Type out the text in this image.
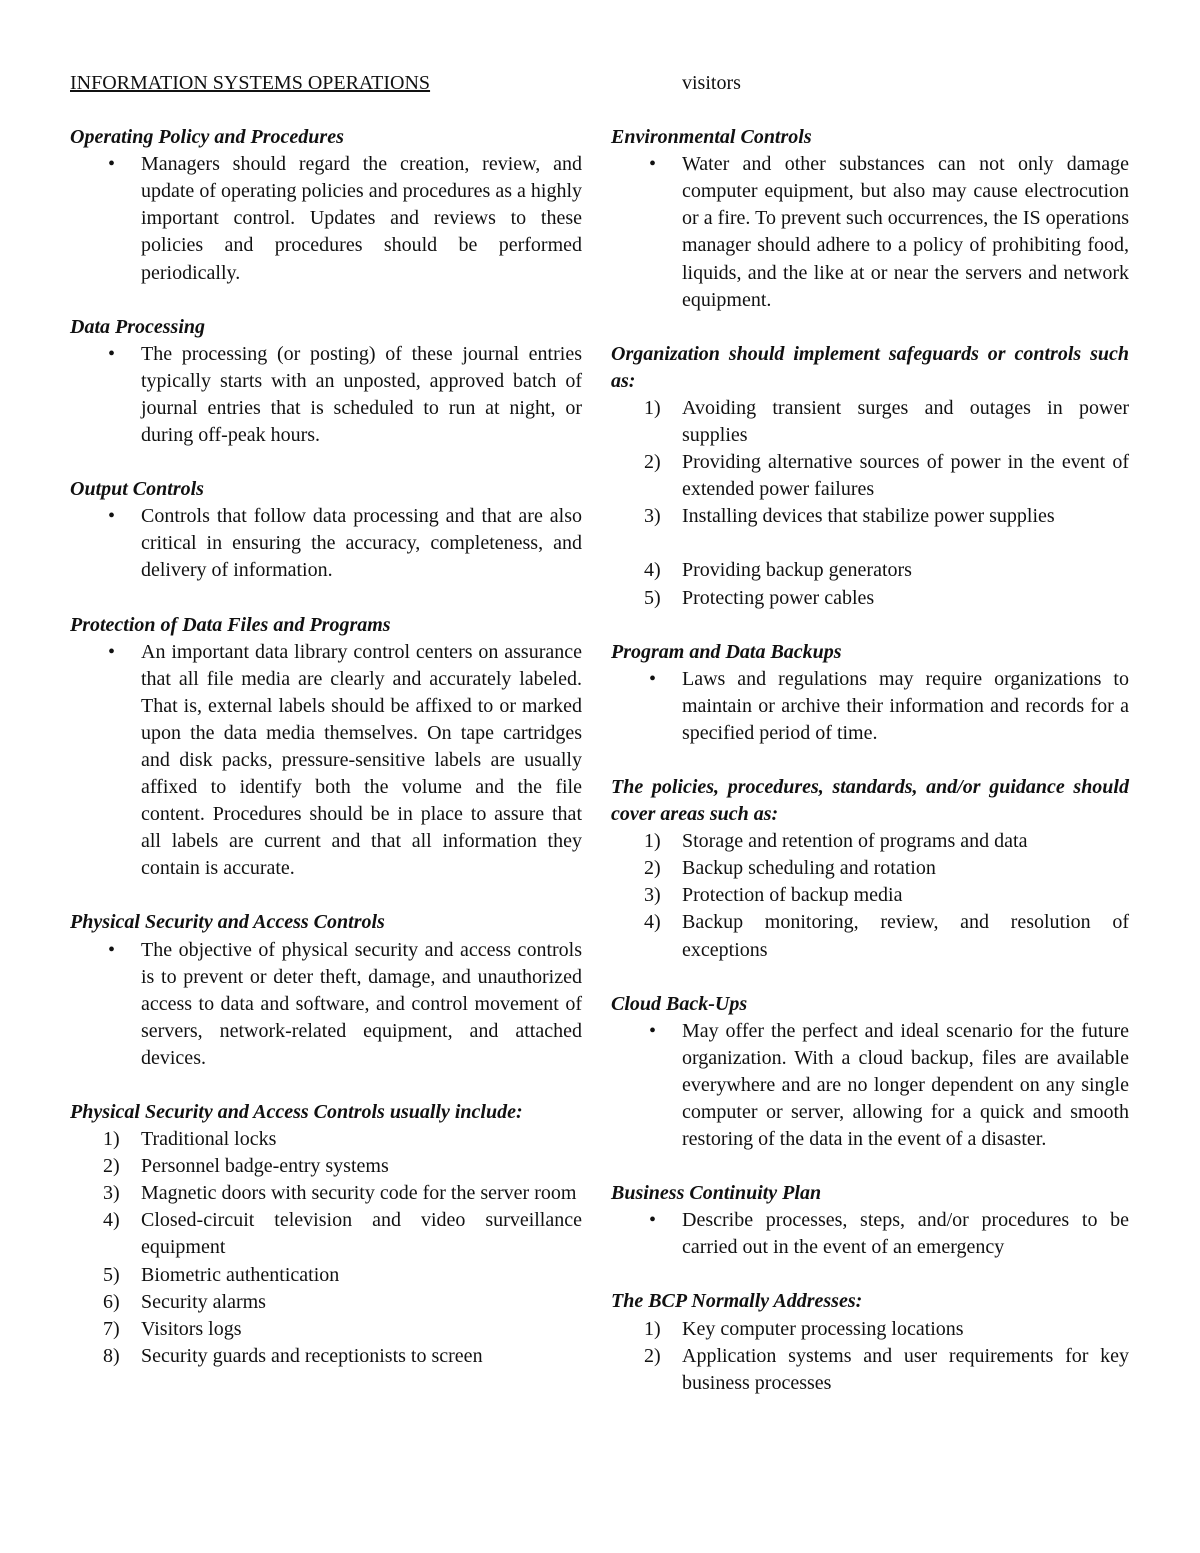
INFORMATION SYSTEMS OPERATIONS
Operating Policy and Procedures
• Managers should regard the creation, review, and update of operating policies and procedures as a highly important control. Updates and reviews to these policies and procedures should be performed periodically.
Data Processing
• The processing (or posting) of these journal entries typically starts with an unposted, approved batch of journal entries that is scheduled to run at night, or during off-peak hours.
Output Controls
• Controls that follow data processing and that are also critical in ensuring the accuracy, completeness, and delivery of information.
Protection of Data Files and Programs
• An important data library control centers on assurance that all file media are clearly and accurately labeled. That is, external labels should be affixed to or marked upon the data media themselves. On tape cartridges and disk packs, pressure-sensitive labels are usually affixed to identify both the volume and the file content. Procedures should be in place to assure that all labels are current and that all information they contain is accurate.
Physical Security and Access Controls
• The objective of physical security and access controls is to prevent or deter theft, damage, and unauthorized access to data and software, and control movement of servers, network-related equipment, and attached devices.
Physical Security and Access Controls usually include:
1) Traditional locks
2) Personnel badge-entry systems
3) Magnetic doors with security code for the server room
4) Closed-circuit television and video surveillance equipment
5) Biometric authentication
6) Security alarms
7) Visitors logs
8) Security guards and receptionists to screen
visitors
Environmental Controls
• Water and other substances can not only damage computer equipment, but also may cause electrocution or a fire. To prevent such occurrences, the IS operations manager should adhere to a policy of prohibiting food, liquids, and the like at or near the servers and network equipment.
Organization should implement safeguards or controls such as:
1) Avoiding transient surges and outages in power supplies
2) Providing alternative sources of power in the event of extended power failures
3) Installing devices that stabilize power supplies
4) Providing backup generators
5) Protecting power cables
Program and Data Backups
• Laws and regulations may require organizations to maintain or archive their information and records for a specified period of time.
The policies, procedures, standards, and/or guidance should cover areas such as:
1) Storage and retention of programs and data
2) Backup scheduling and rotation
3) Protection of backup media
4) Backup monitoring, review, and resolution of exceptions
Cloud Back-Ups
• May offer the perfect and ideal scenario for the future organization. With a cloud backup, files are available everywhere and are no longer dependent on any single computer or server, allowing for a quick and smooth restoring of the data in the event of a disaster.
Business Continuity Plan
• Describe processes, steps, and/or procedures to be carried out in the event of an emergency
The BCP Normally Addresses:
1) Key computer processing locations
2) Application systems and user requirements for key business processes
